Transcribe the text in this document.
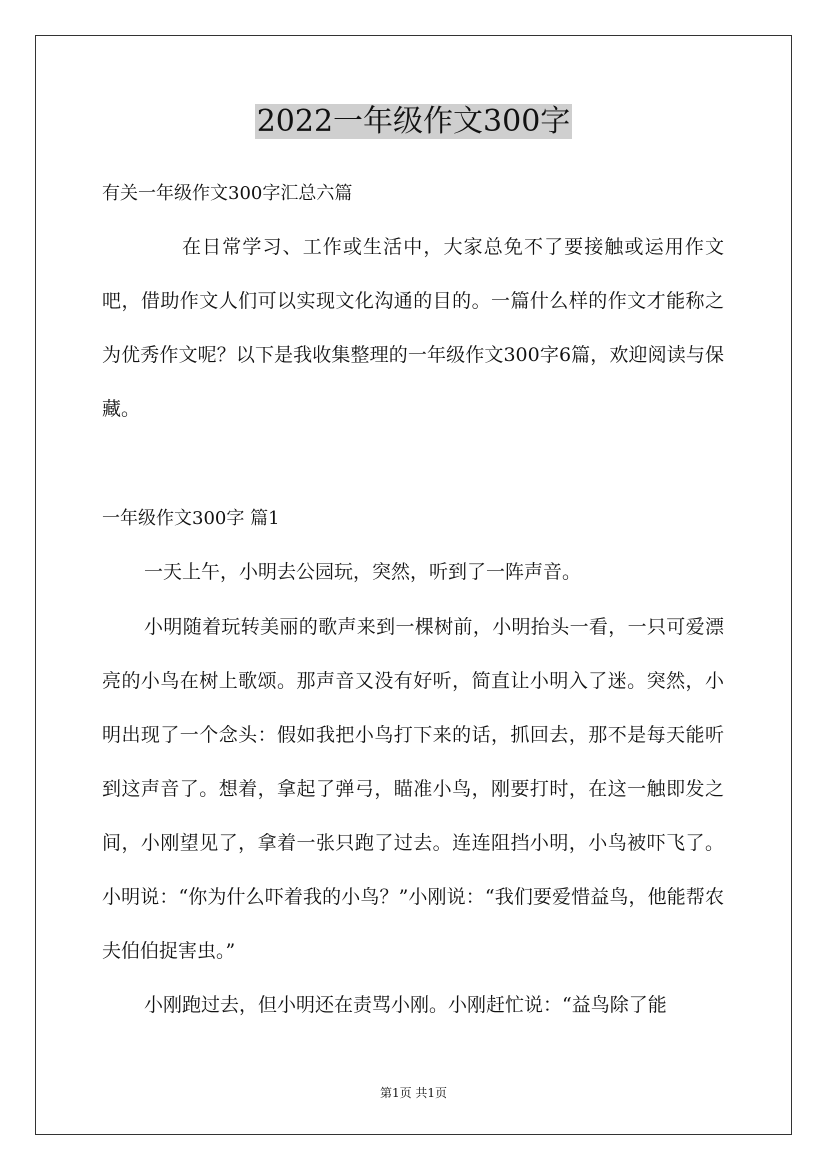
2022一年级作文300字

有关一年级作文300字汇总六篇

在日常学习、工作或生活中，大家总免不了要接触或运用作文吧，借助作文人们可以实现文化沟通的目的。一篇什么样的作文才能称之为优秀作文呢？以下是我收集整理的一年级作文300字6篇，欢迎阅读与保藏。

一年级作文300字 篇1

一天上午，小明去公园玩，突然，听到了一阵声音。

小明随着玩转美丽的歌声来到一棵树前，小明抬头一看，一只可爱漂亮的小鸟在树上歌颂。那声音又没有好听，简直让小明入了迷。突然，小明出现了一个念头：假如我把小鸟打下来的话，抓回去，那不是每天能听到这声音了。想着，拿起了弹弓，瞄准小鸟，刚要打时，在这一触即发之间，小刚望见了，拿着一张只跑了过去。连连阻挡小明，小鸟被吓飞了。小明说：“你为什么吓着我的小鸟？”小刚说：“我们要爱惜益鸟，他能帮农夫伯伯捉害虫。”

小刚跑过去，但小明还在责骂小刚。小刚赶忙说：“益鸟除了能

第1页 共1页
